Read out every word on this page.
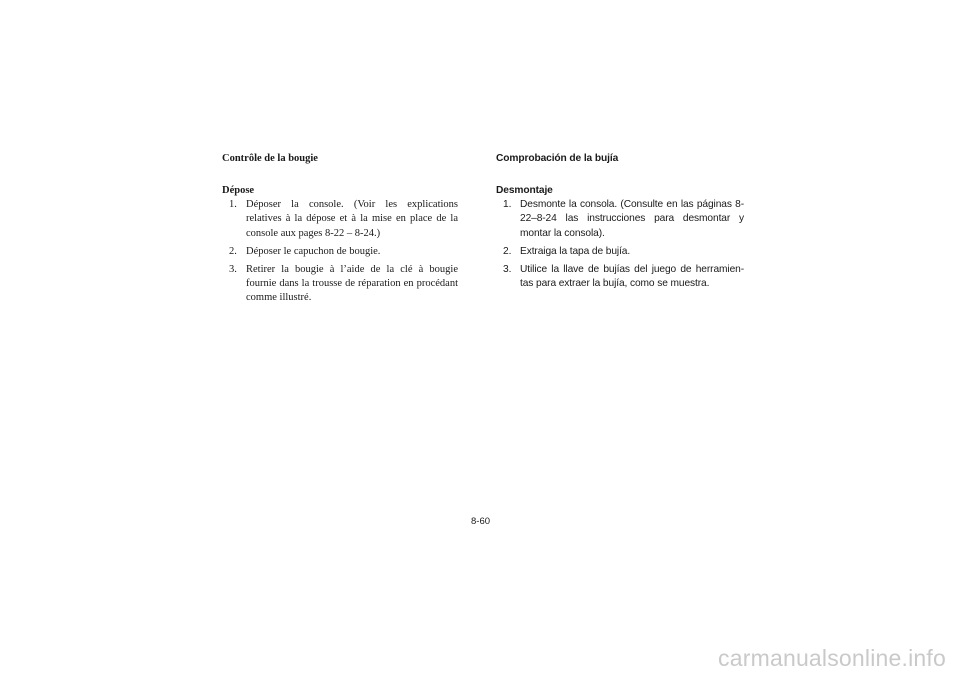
Contrôle de la bougie

Dépose

1. Déposer la console. (Voir les explications relatives à la dépose et à la mise en place de la console aux pages 8-22 – 8-24.)
2. Déposer le capuchon de bougie.
3. Retirer la bougie à l’aide de la clé à bougie fournie dans la trousse de réparation en procédant comme illustré.

Comprobación de la bujía

Desmontaje

1. Desmonte la consola. (Consulte en las páginas 8-22–8-24 las instrucciones para desmontar y montar la consola).
2. Extraiga la tapa de bujía.
3. Utilice la llave de bujías del juego de herramien-tas para extraer la bujía, como se muestra.
8-60
carmanualsonline.info
